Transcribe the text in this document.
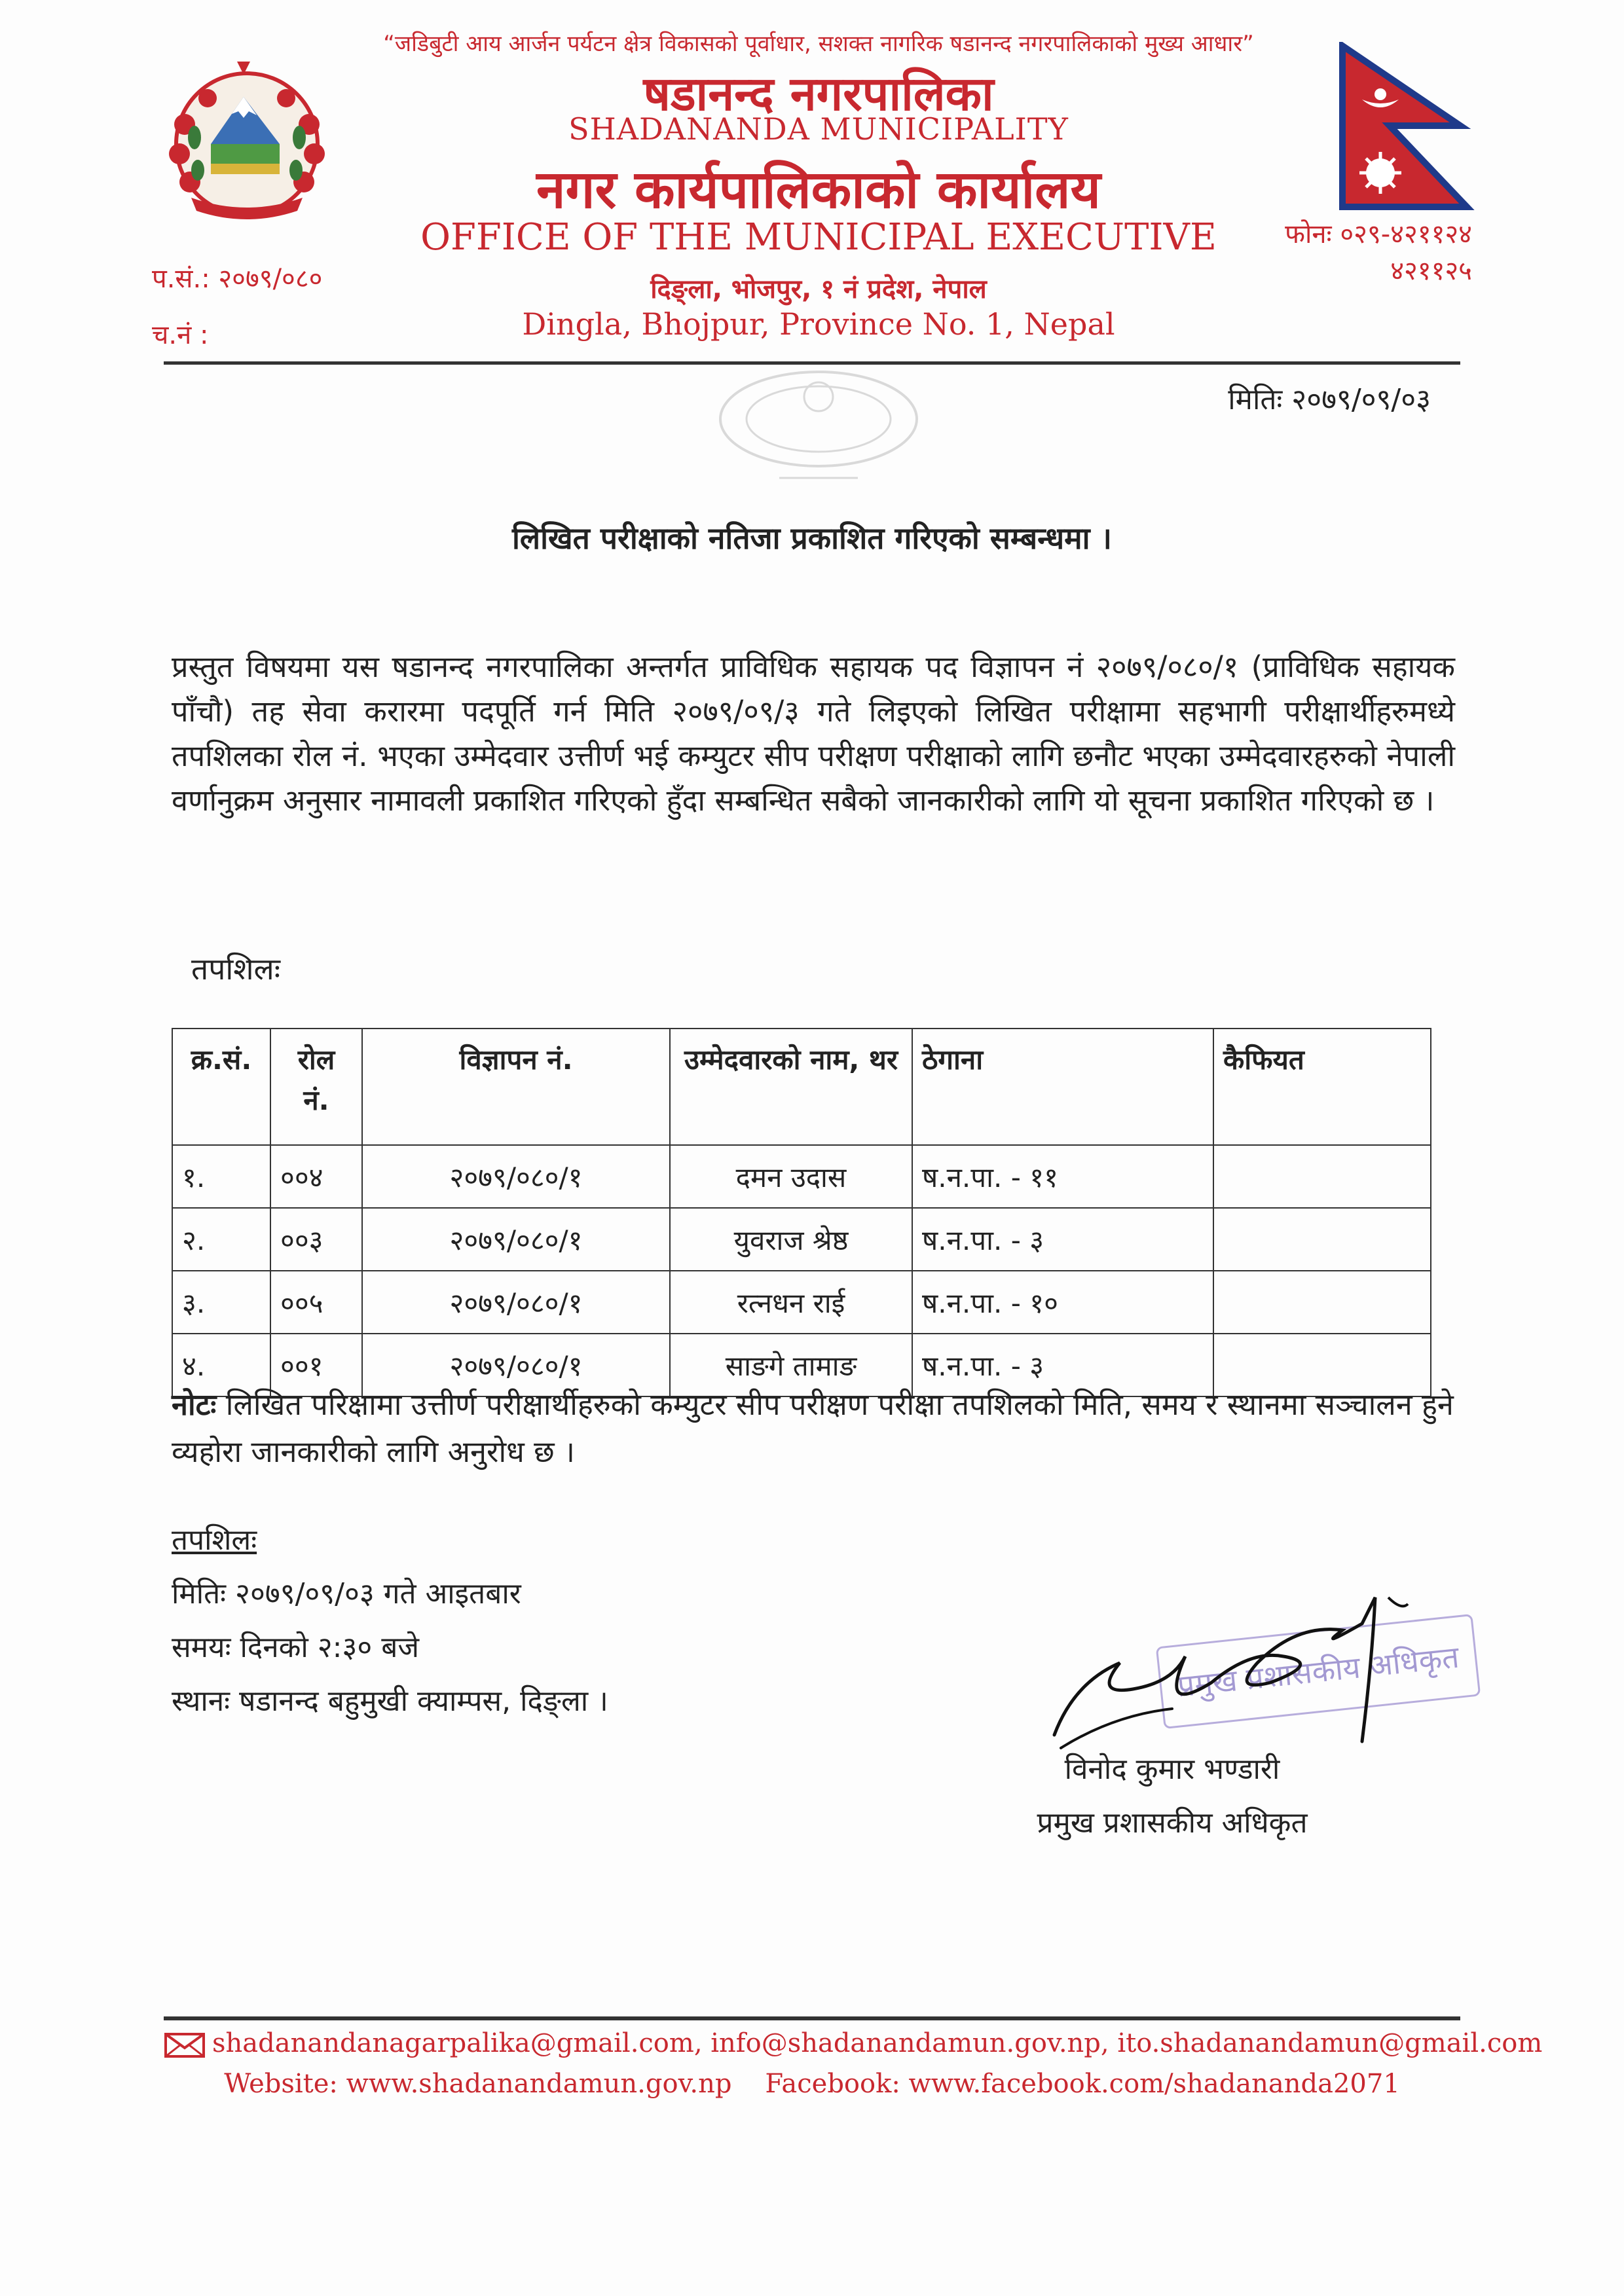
“जडिबुटी आय आर्जन पर्यटन क्षेत्र विकासको पूर्वाधार, सशक्त नागरिक षडानन्द नगरपालिकाको मुख्य आधार”
षडानन्द नगरपालिका
SHADANANDA MUNICIPALITY
नगर कार्यपालिकाको कार्यालय
OFFICE OF THE MUNICIPAL EXECUTIVE
दिङ्ला, भोजपुर, १ नं प्रदेश, नेपाल
Dingla, Bhojpur, Province No. 1, Nepal
प.सं.: २०७९/०८०
च.नं :
फोनः ०२९-४२११२४
४२११२५
मितिः २०७९/०९/०३
लिखित परीक्षाको नतिजा प्रकाशित गरिएको सम्बन्धमा ।
प्रस्तुत विषयमा यस षडानन्द नगरपालिका अन्तर्गत प्राविधिक सहायक पद विज्ञापन नं २०७९/०८०/१ (प्राविधिक सहायक पाँचौ) तह सेवा करारमा पदपूर्ति गर्न मिति २०७९/०९/३ गते लिइएको लिखित परीक्षामा सहभागी परीक्षार्थीहरुमध्ये तपशिलका रोल नं. भएका उम्मेदवार उत्तीर्ण भई कम्युटर सीप परीक्षण परीक्षाको लागि छनौट भएका उम्मेदवारहरुको नेपाली वर्णानुक्रम अनुसार नामावली प्रकाशित गरिएको हुँदा सम्बन्धित सबैको जानकारीको लागि यो सूचना प्रकाशित गरिएको छ ।
तपशिलः
क्र.सं.	रोल नं.	विज्ञापन नं.	उम्मेदवारको नाम, थर	ठेगाना	कैफियत
१.	००४	२०७९/०८०/१	दमन उदास	ष.न.पा. - ११	
२.	००३	२०७९/०८०/१	युवराज श्रेष्ठ	ष.न.पा. - ३	
३.	००५	२०७९/०८०/१	रत्नधन राई	ष.न.पा. - १०	
४.	००१	२०७९/०८०/१	साङगे तामाङ	ष.न.पा. - ३	
नोटः लिखित परिक्षामा उत्तीर्ण परीक्षार्थीहरुको कम्युटर सीप परीक्षण परीक्षा तपशिलको मिति, समय र स्थानमा सञ्चालन हुने व्यहोरा जानकारीको लागि अनुरोध छ ।
तपशिलः
मितिः २०७९/०९/०३ गते आइतबार
समयः दिनको २:३० बजे
स्थानः षडानन्द बहुमुखी क्याम्पस, दिङ्ला ।	प्रमुख प्रशासकीय अधिकृत
विनोद कुमार भण्डारी
प्रमुख प्रशासकीय अधिकृत
shadanandanagarpalika@gmail.com, info@shadanandamun.gov.np, ito.shadanandamun@gmail.com
Website: www.shadanandamun.gov.np    Facebook: www.facebook.com/shadananda2071
